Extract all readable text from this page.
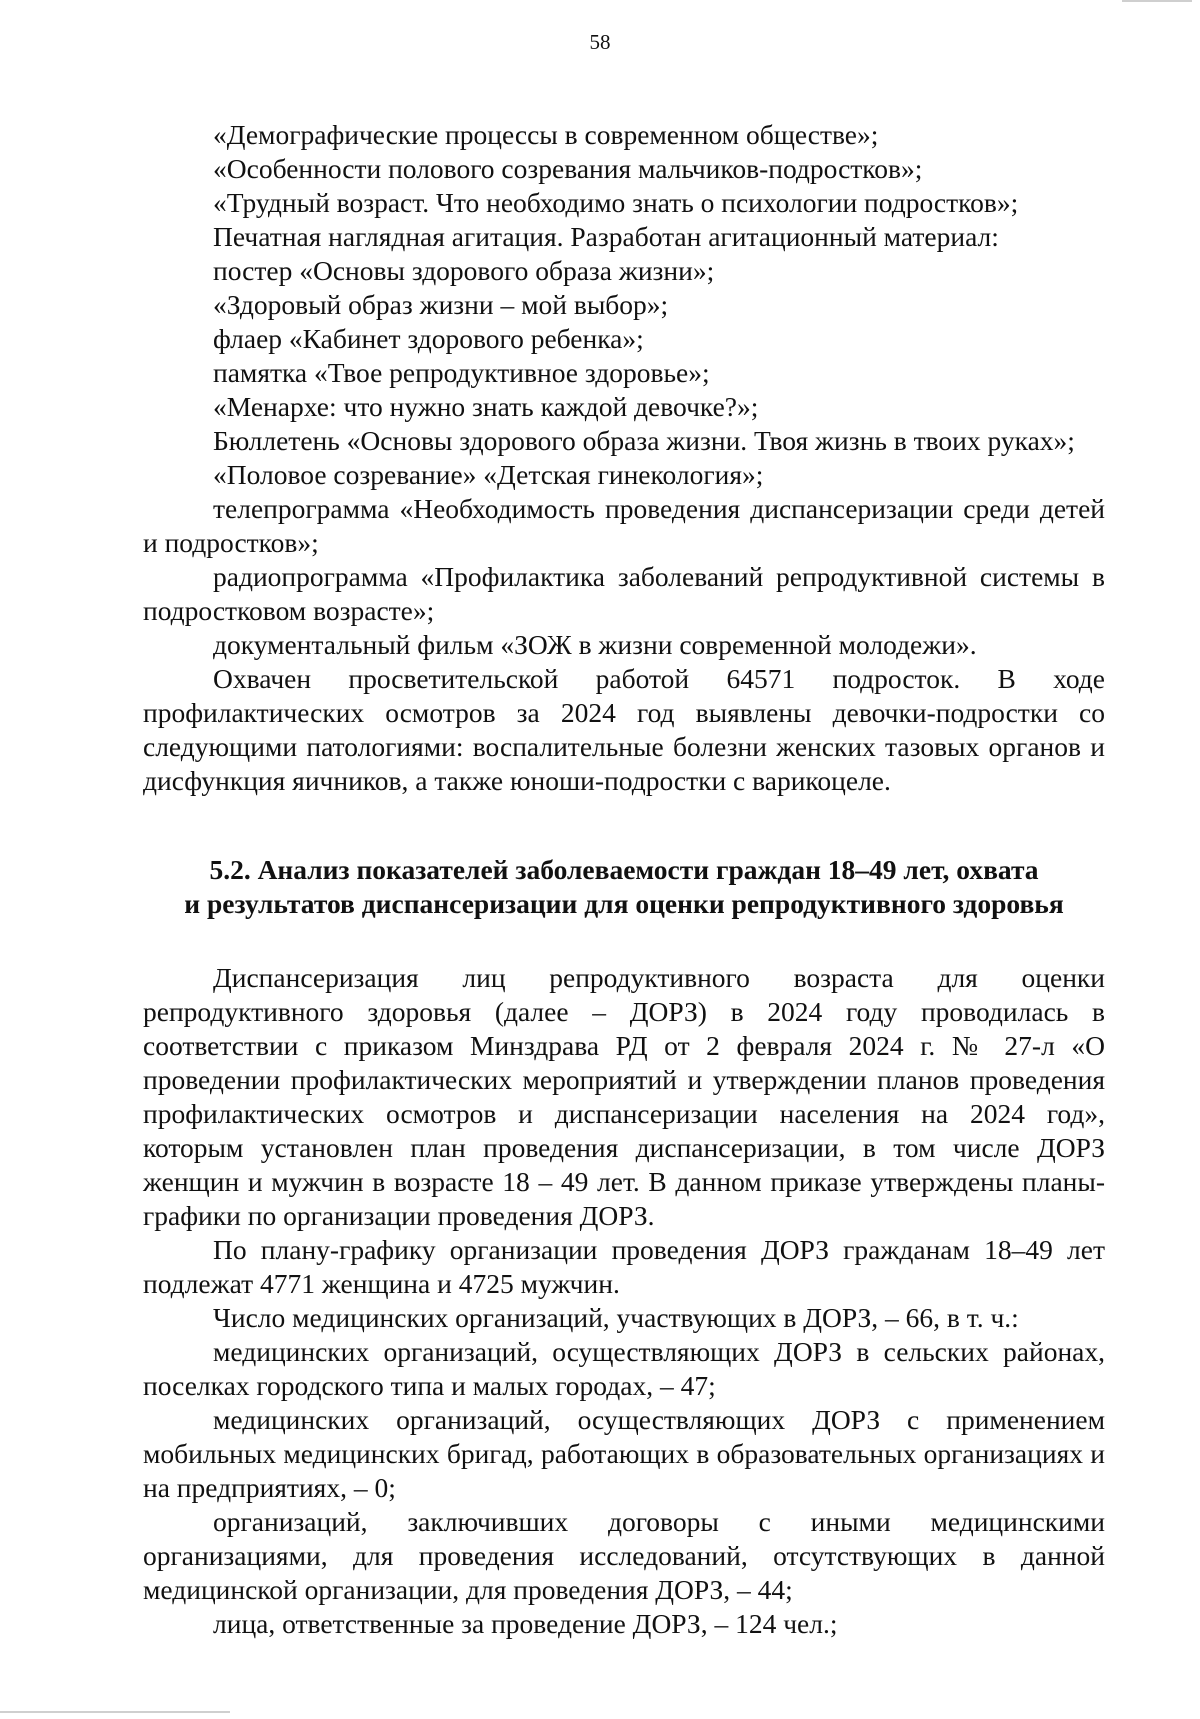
58

«Демографические процессы в современном обществе»;

«Особенности полового созревания мальчиков-подростков»;

«Трудный возраст. Что необходимо знать о психологии подростков»;

Печатная наглядная агитация. Разработан агитационный материал:

постер «Основы здорового образа жизни»;

«Здоровый образ жизни – мой выбор»;

флаер «Кабинет здорового ребенка»;

памятка «Твое репродуктивное здоровье»;

«Менархе: что нужно знать каждой девочке?»;

Бюллетень «Основы здорового образа жизни. Твоя жизнь в твоих руках»;

«Половое созревание» «Детская гинекология»;

телепрограмма «Необходимость проведения диспансеризации среди детей и подростков»;

радиопрограмма «Профилактика заболеваний репродуктивной системы в подростковом возрасте»;

документальный фильм «ЗОЖ в жизни современной молодежи».

Охвачен просветительской работой 64571 подросток. В ходе профилактических осмотров за 2024 год выявлены девочки-подростки со следующими патологиями: воспалительные болезни женских тазовых органов и дисфункция яичников, а также юноши-подростки с варикоцеле.

5.2. Анализ показателей заболеваемости граждан 18–49 лет, охвата
и результатов диспансеризации для оценки репродуктивного здоровья

Диспансеризация лиц репродуктивного возраста для оценки репродуктивного здоровья (далее – ДОРЗ) в 2024 году проводилась в соответствии с приказом Минздрава РД от 2 февраля 2024 г. № 27-л «О проведении профилактических мероприятий и утверждении планов проведения профилактических осмотров и диспансеризации населения на 2024 год», которым установлен план проведения диспансеризации, в том числе ДОРЗ женщин и мужчин в возрасте 18 – 49 лет. В данном приказе утверждены планы-графики по организации проведения ДОРЗ.

По плану-графику организации проведения ДОРЗ гражданам 18–49 лет подлежат 4771 женщина и 4725 мужчин.

Число медицинских организаций, участвующих в ДОРЗ, – 66, в т. ч.:

медицинских организаций, осуществляющих ДОРЗ в сельских районах, поселках городского типа и малых городах, – 47;

медицинских организаций, осуществляющих ДОРЗ с применением мобильных медицинских бригад, работающих в образовательных организациях и на предприятиях, – 0;

организаций, заключивших договоры с иными медицинскими организациями, для проведения исследований, отсутствующих в данной медицинской организации, для проведения ДОРЗ, – 44;

лица, ответственные за проведение ДОРЗ, – 124 чел.;
